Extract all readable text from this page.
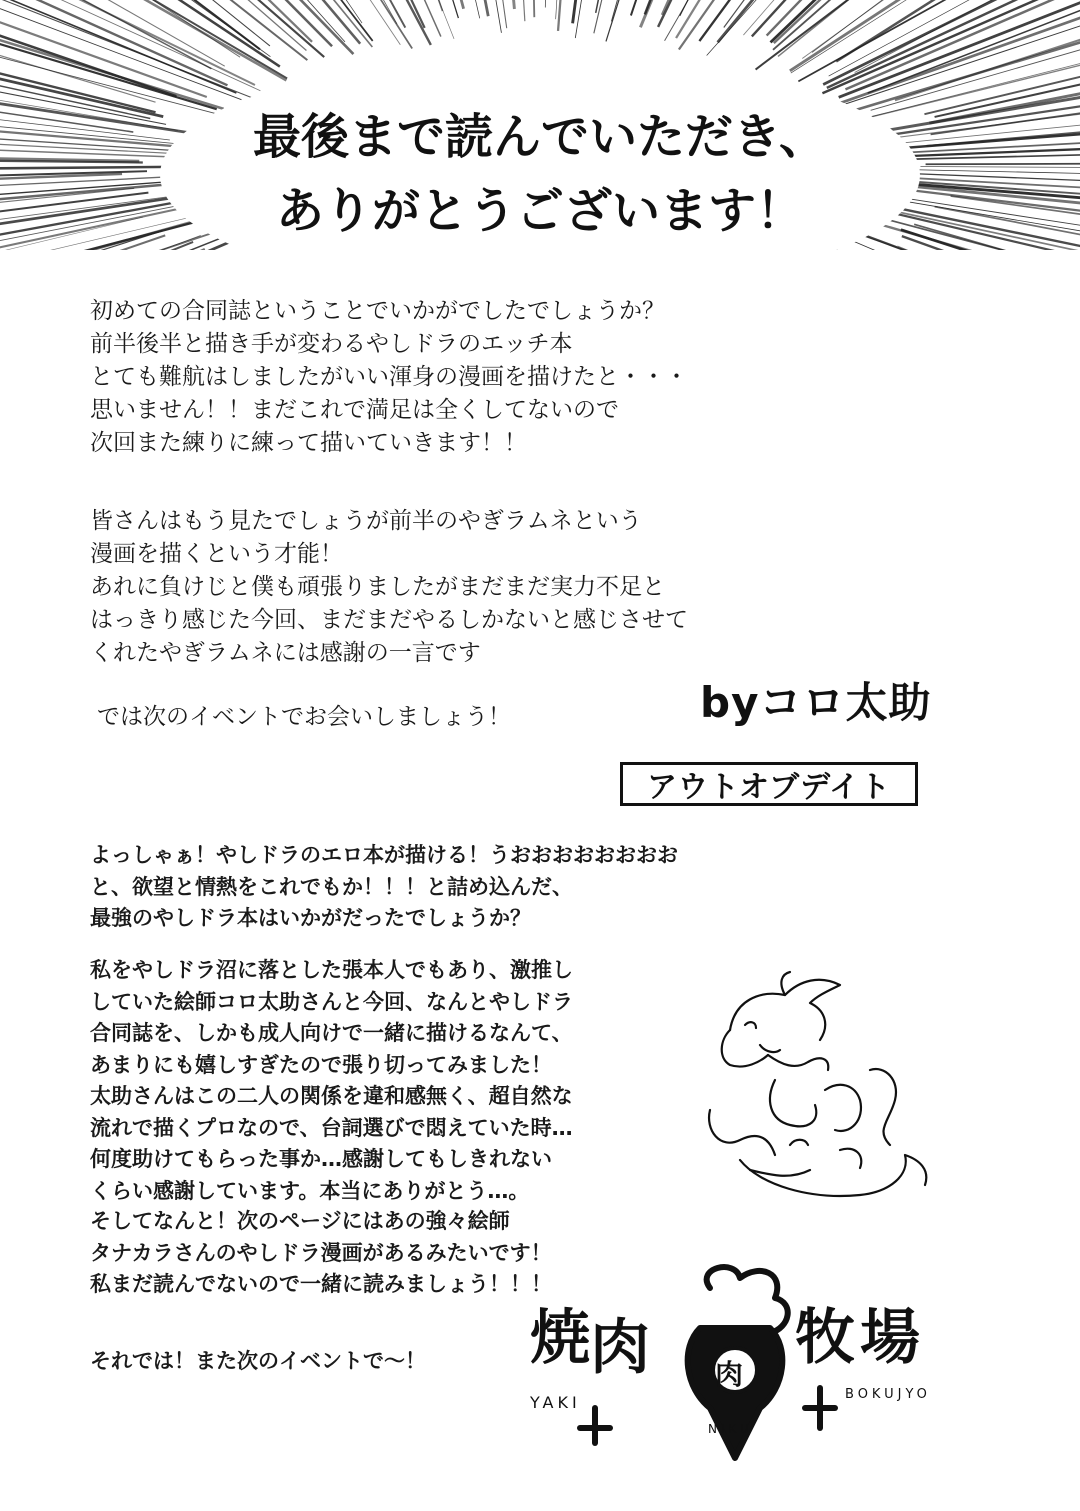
最後まで読んでいただき、
ありがとうございます！
初めての合同誌ということでいかがでしたでしょうか？
前半後半と描き手が変わるやしドラのエッチ本
とても難航はしましたがいい渾身の漫画を描けたと・・・
思いません！！まだこれで満足は全くしてないので
次回また練りに練って描いていきます！！
皆さんはもう見たでしょうが前半のやぎラムネという
漫画を描くという才能！
あれに負けじと僕も頑張りましたがまだまだ実力不足と
はっきり感じた今回、まだまだやるしかないと感じさせて
くれたやぎラムネには感謝の一言です
では次のイベントでお会いしましょう！	byコロ太助
アウトオブデイト
よっしゃぁ！やしドラのエロ本が描ける！うおおおおおおおお
と、欲望と情熱をこれでもか！！！と詰め込んだ、
最強のやしドラ本はいかがだったでしょうか？
私をやしドラ沼に落とした張本人でもあり、激推し
していた絵師コロ太助さんと今回、なんとやしドラ
合同誌を、しかも成人向けで一緒に描けるなんて、
あまりにも嬉しすぎたので張り切ってみました！
太助さんはこの二人の関係を違和感無く、超自然な
流れで描くプロなので、台詞選びで悶えていた時…
何度助けてもらった事か…感謝してもしきれない
くらい感謝しています。本当にありがとう…。
そしてなんと！次のページにはあの強々絵師
タナカラさんのやしドラ漫画があるみたいです！
私まだ読んでないので一緒に読みましょう！！！
それでは！また次のイベントで〜！ 焼 肉 肉
牧 場
YAKI
NIKU
BOKUJYO
